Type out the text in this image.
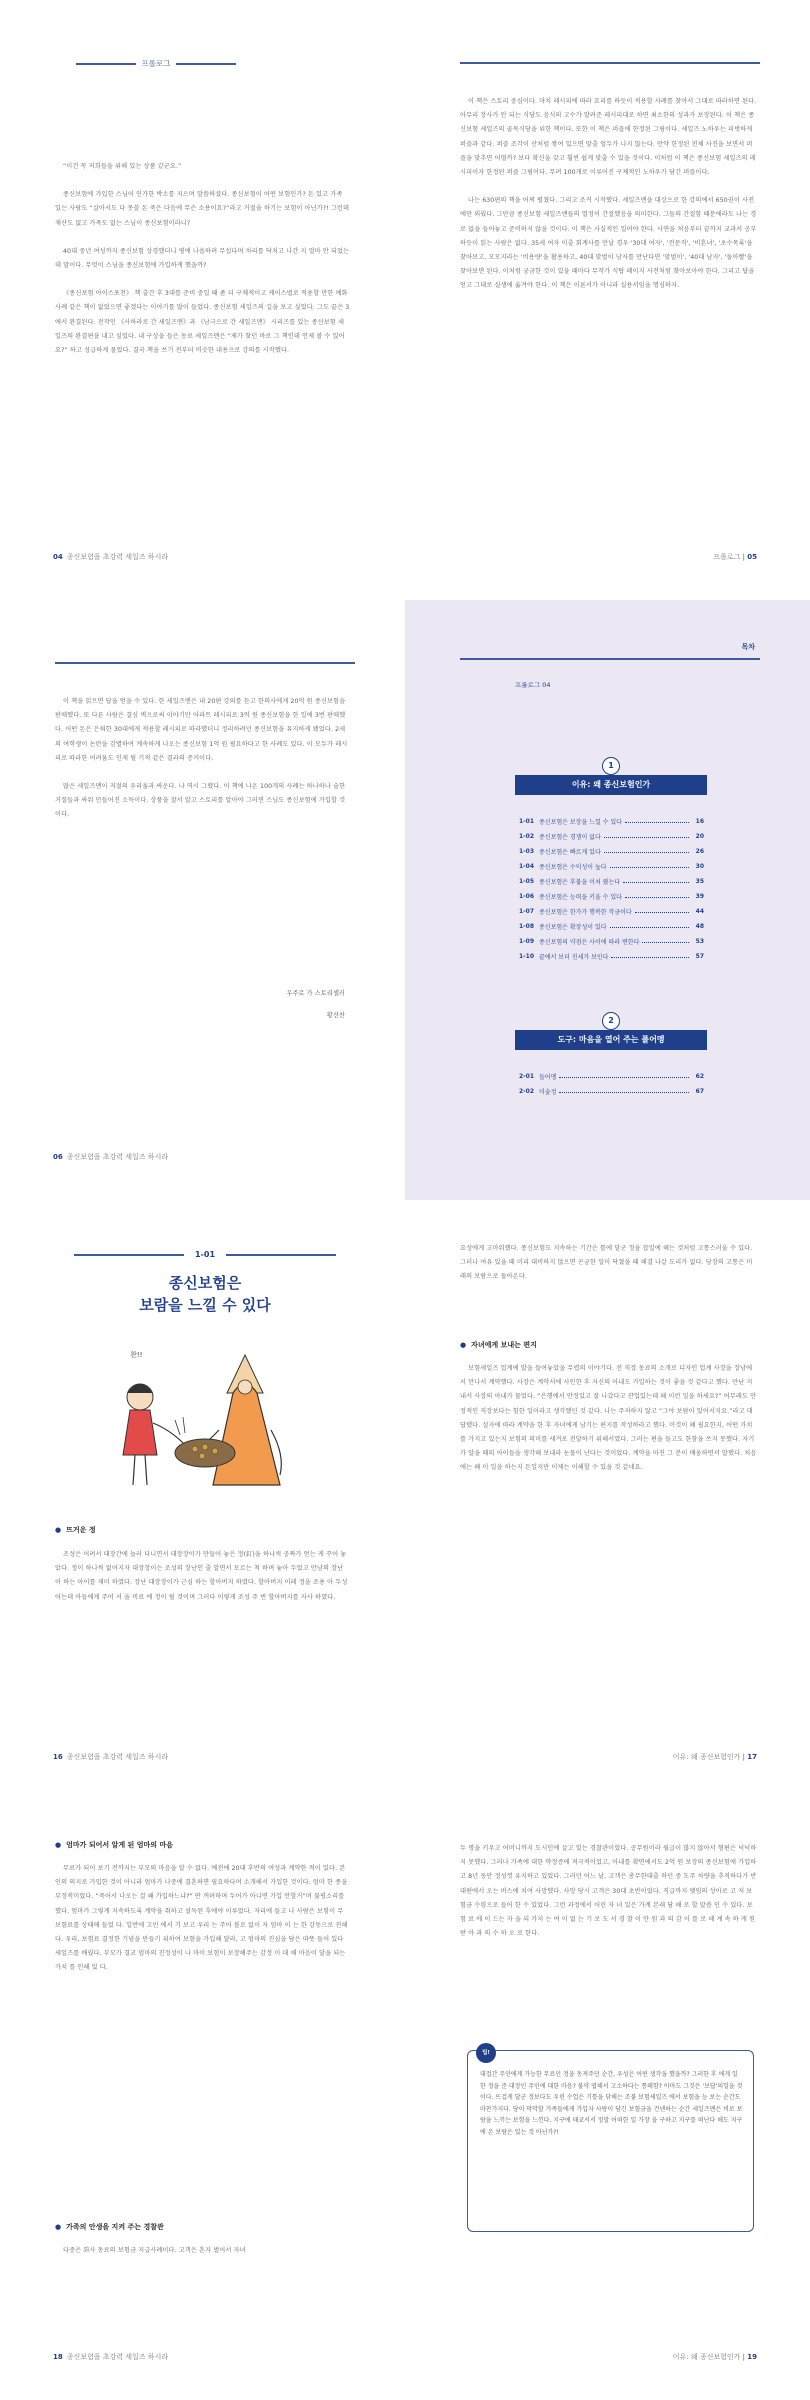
프롤로그

“이건 꼭 저희들을 위해 있는 상품 같군요.”

종신보험에 가입한 스님이 인가한 박소를 지으며 말씀하셨다. 종신보험이 어떤 보험인가? 돈 있고 가족 있는 사람도 “살아서도 다 못쓸 돈 죽은 다음에 무슨 소용이요?”라고 거절을 하기는 보험이 아닌가?! 그런데 재산도 없고 가족도 없는 스님이 종신보험이라니?

40대 중년 여성까지 종신보험 상경했더니 평에 나옵하려 무섭다며 차리를 닥치고 나간 지 얼마 안 되었는데 말이다. 무엇이 스님을 종신보험에 가입하게 했을까?

《종신보험 아이스포천》 책 출간 후 3대를 준비 중일 때 좀 더 구체적이고 케이스별로 적용할 만한 예화사례 같은 책이 없었으면 좋겠다는 이야기를 많이 들었다. 종신보험 세일즈의 길을 보고 싶었다. 그도 끝은 3에서 완결된다. 전작인 《사하라로 간 세일즈맨》과 《남극으로 간 세일즈맨》 시리즈를 있는 종신보험 세일즈의 완결편을 내고 싶었다. 내 구상을 들은 동료 세일즈맨은 “제가 찾던 바로 그 책인데 언제 볼 수 있어요?” 하고 성급하게 물었다. 결국 책을 쓰기 전부터 비슷한 내용으로 강의를 시작했다.

04 종신보험을 초강력 세일즈 하시라

이 책은 스토리 중심이다. 마치 레시피에 따라 요리를 하듯이 적용할 사례를 찾아서 그대로 따라하면 된다. 아무리 장사가 안 되는 식당도 음식의 고수가 알려준 레시피대로 하면 최소한의 성과가 보장된다. 이 책은 종신보험 세일즈의 골목식당을 위한 책이다. 또한 이 책은 퍼즐에 한정된 그림이다. 세일즈 노하우는 피벗하게 퍼즐과 같다. 퍼즐 조각이 산처럼 쌓여 있으면 맞출 엄두가 나지 않는다. 만약 한정된 전체 사진을 보면서 퍼즐을 맞추면 어떨까? 보다 확신을 갖고 훨씬 쉽게 맞출 수 있을 것이다. 이처럼 이 책은 종신보험 세일즈의 레시피이자 한정된 퍼즐 그림이다. 무려 100개로 이루어진 구체적인 노하우가 담긴 퍼즐이다.

나는 630편의 책을 어찌 펼쳤다. 그리고 조커 시작했다. 세일즈맨을 대상으로 한 강의에서 650권이 사전에만 외웠다. 그만큼 종신보험 세일즈맨들의 열정이 간절했음을 의미한다. 그들의 간절함 때문에라도 나는 경로 없을 들어놓고 준비하지 않을 것이다. 이 책은 사실적인 일어야 한다. 사연을 처음부터 끝까지 교과서 공부하듯이 읽는 사람은 없다. 35세 여자 이출 회계사를 만날 경우 '30대 여자', '전문직', '비혼녀', '초수목록'을 찾아보고, 모모지라는 '비용량'을 활용하고, 40대 맞벌이 남자를 만난다면 '맞벌이', '40대 남자', '돌아빨'을 찾아보면 된다. 이처럼 궁금한 것이 있을 때마다 무작가 식탑 페이지 사전처럼 찾아보아야 한다. 그리고 답을 얻고 그대로 실생에 옮겨야 한다. 이 책은 이론서가 아니라 실용서임을 명심하자.

프롤로그 | 05

이 책을 읽으면 답을 얻을 수 있다. 한 세일즈맨은 내 20편 강의를 듣고 한의사에게 20억 원 종신보험을 판매했다. 또 다른 사람은 결심 벽으로써 이야기만 아파트 레시피로 3억 원 종신보험을 한 일에 3번 판매했다. 어떤 돈은 은퇴한 30대에게 적용할 레시피로 따라했더니 정리하려던 종신보험을 유지하게 됐었다. 2세의 여학생이 논란을 감별하여 계속하게 나오는 종신보험 1억 원 필요하다고 한 사례도 있다. 이 모두가 레시피로 따라한 어려움도 인게 될 기적 같은 결과의 증거이다.

많은 세일즈맨이 저절의 우리움과 싸운다. 나 역시 그랬다. 이 책에 나온 100개의 사례는 하나하나 술한 거절들과 싸워 만들어진 소득이다. 상품을 잘서 알고 스토리를 알아야 그러면 스님도 종신보험에 가입할 것이다.

우주로 가 스토리셀러
황선찬
06 종신보험을 초강력 세일즈 하시라
목차
프롤로그 04
1
이유: 왜 종신보험인가
1-01 종신보험은 보장을 느낄 수 있다	16
1-02 종신보험은 경쟁이 없다	20
1-03 종신보험은 빠르게 있다	26
1-04 종신보험은 수익성이 높다	30
1-05 종신보험은 후불을 이처 줬는다	35
1-06 종신보험은 능력을 키울 수 있다	39
1-07 종신보험은 한가가 행복한 작금이다	44
1-08 종신보험은 확장성이 있다	48
1-09 종신보험의 약점은 사이에 따라 변한다	53
1-10 끝에서 보더 진세가 보인다	57
2
도구: 마음을 열어 주는 플어멩
2-01 들어멩	62
2-02 미술정	67
1-01
종신보험은
보람을 느낄 수 있다
찬!!
● 뜨거운 정

조성은 어려서 대장간에 놀러 다니면서 대장장이가 만들어 놓은 정(釘)을 하나씩 공짜가 얻는 게 꾸어 놓았다. 정이 하나씩 없어지자 대장장이는 조성의 장난인 줄 알면서 모르는 척 하며 놓아 두었고 만남의 장난 이 하는 아이를 재미 하였다. 장난 대장장이가 근심 하는 할아버지 하였다. 할아버지 이레 정을 조용 아 두성 어는데 아들에게 주어 서 을 비료 에 정이 될 것이며 그러다 이렇게 조성 주 번 할아버지를 자사 하였다.

16 종신보험을 초강력 세일즈 하시라

요성에게 고마워했다. 종신보험도 지속하는 기간은 틀에 달군 정을 잡일에 헤는 것처럼 고통스러울 수 있다. 그러나 여유 있을 때 미리 대비하지 않으면 곤궁한 일이 닥쳤을 때 해결 나갈 도리가 없다. 당장의 고통은 미래의 보람으로 돌아온다.

● 자녀에게 보내는 편지

보험세일즈 업계에 발을 들여놓았을 무렵의 이야기다. 전 직장 동료의 소개로 디자인 업계 사장을 장남에서 만나서 계약했다. 사장은 계약서에 사인한 후 자신의 아내도 가입하는 것이 좋을 것 같다고 했다. 만난 지내서 사장의 아내가 물었다. “은행에서 안정있고 잘 나갔다고 잔업있는데 왜 이런 일을 하세요?” 어무래도 안정적인 직장보다는 힘한 일이라고 생각했던 것 같다. 나는 주저하지 않고 “그야 보람이 있어서지요.”라고 대답했다. 설자에 따라 계약을 한 후 자녀에게 남기는 편지를 작성하라고 했다. 이것이 왜 필요한지, 어떤 가치를 가지고 있는지 보험의 의미를 새겨로 전달하기 위해서였다. 그러는 편을 들고도 한참을 쓰지 못했다. 자기가 알을 때의 아이들을 생각해 보내라 눈물이 난다는 것이었다. 계약을 마친 그 분이 배웅하면서 말했다. 처음에는 왜 이 일을 하는지 돈일지만 이제는 이해할 수 있을 것 같네요.

이유: 왜 종신보험인가 | 17
● 엄마가 되어서 알게 된 엄마의 마음

무료가 되어 보기 전까지는 부모의 마음을 알 수 없다. 예전에 20대 후반의 여성과 계약한 적이 있다. 본인의 의지로 가입한 것이 아니라 엄마가 나중에 결혼하면 필요하다며 소개해서 가입한 것이다. 엄마 한 종을 부정적이었다. “죽어서 나오는 걸 왜 가입하느냐?” 딴 꺼려하며 두어가 아니면 가입 안할거”며 불평소리를 했다. 엄마가 그렇게 지속하도록 계약을 취하고 설득된 후에야 이루었다. 자리에 들고 나 사람은 보험이 무 보험료를 상태에 들었 다. 일반에 고민 에서 기 보고 우리 는 주어 볼로 없이 자 엄마 이 는 한 감동으로 전해 다. 우리, 보험료 결정한 기념을 만들기 위하여 보험을 가입해 달라, 고 엄마의 진심을 담은 따뜻 들어 있다 세일즈를 배웠다. 부모가 결코 엄마의 진정성이 나 마이 보험이 보장해주는 감정 이 대 해 마음이 달을 되는 가치 를 인해 있 다.

● 가족의 안생을 지켜 주는 경찰관

다중은 회사 동료의 보험금 지급사례이다. 고객은 혼자 벌어서 자녀

18 종신보험을 초강력 세일즈 하시라

두 명을 키우고 어머니까지 도시인에 살고 있는 경찰관이었다. 공무원이라 월급이 많지 않아서 형편은 넉넉하지 못했다. 그러나 가족에 대한 약정증에 적극적이었고, 아내를 확면에서도 2억 원 보장의 종신보험에 가입하고 8년 동안 정성껏 유지하고 있었다. 그러던 어느 날, 고객은 총무한대출 하던 중 도주 차량을 추적하다가 반대편에서 오는 버스에 치여 사망했다. 사망 당시 고객은 30대 초반이었다. 직급까지 맺임의 상아로 고 저 보험금 수령으로 들어 한 수 있었다. 그런 과정에서 어린 자 녀 있은 가계 본래 담 해 로 할 말씀 인 수 있다. 보 험 료 에 이 드는 자 을 되 가지 는 여 이 없 는 기 로 도 서 경 찰 이 안 원 과 의 감 이 를 로 해 계 속 하 게 원 받 아 과 의 수 하 오 로 한다.

팁!
대접간 주인에게 가능한 무료인 정을 동져주던 순간, 우성은 어떤 생각을 했을까? 그러한 후 에게 일한 정을 준 대장인 주인에 대한 마음? 불약 엽해서 고소하다는 통쾌함? 아마도 그것은 '보답'의일을 것이다. 뜨겁게 달군 정보다도 우린 수업은 기틀을 닦해는 조불 보험세일즈 에서 보험을 능 보는 순간도 마찬가지다. 당이 막막할 가족들에게 가입자 사랑이 담긴 보험금을 건넨하는 순간 세일즈맨은 비로 보람을 느끼는 보험을 느낀다. 지구에 태쿄서서 정말 어떠한 일 가장 을 구하고 지구를 떠난다 해도 지구에 온 보람은 있는 것 아닌가?!
이유: 왜 종신보험인가 | 19
